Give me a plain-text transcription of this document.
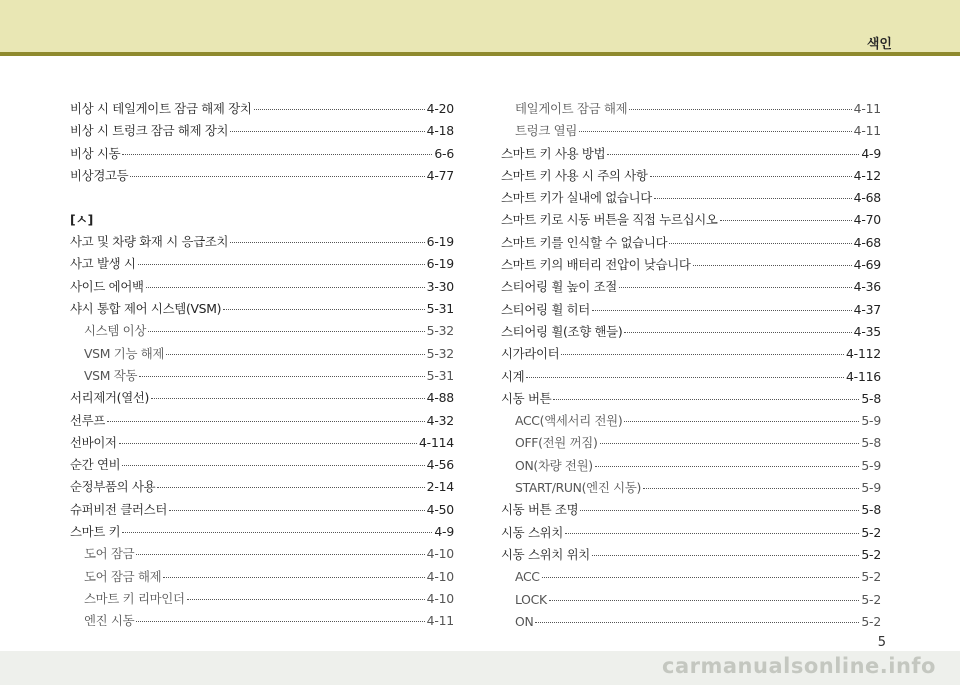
색인
비상 시 테일게이트 잠금 해제 장치	4-20
비상 시 트렁크 잠금 해제 장치	4-18
비상 시동	6-6
비상경고등	4-77
[ㅅ]
사고 및 차량 화재 시 응급조치	6-19
사고 발생 시	6-19
사이드 에어백	3-30
샤시 통합 제어 시스템(VSM)	5-31
시스템 이상	5-32
VSM 기능 해제	5-32
VSM 작동	5-31
서리제거(열선)	4-88
선루프	4-32
선바이저	4-114
순간 연비	4-56
순정부품의 사용	2-14
슈퍼비전 클러스터	4-50
스마트 키	4-9
도어 잠금	4-10
도어 잠금 해제	4-10
스마트 키 리마인더	4-10
엔진 시동	4-11
테일게이트 잠금 해제	4-11
트렁크 열림	4-11
스마트 키 사용 방법	4-9
스마트 키 사용 시 주의 사항	4-12
스마트 키가 실내에 없습니다	4-68
스마트 키로 시동 버튼을 직접 누르십시오	4-70
스마트 키를 인식할 수 없습니다	4-68
스마트 키의 배터리 전압이 낮습니다	4-69
스티어링 휠 높이 조절	4-36
스티어링 휠 히터	4-37
스티어링 휠(조향 핸들)	4-35
시가라이터	4-112
시계	4-116
시동 버튼	5-8
ACC(액세서리 전원)	5-9
OFF(전원 꺼짐)	5-8
ON(차량 전원)	5-9
START/RUN(엔진 시동)	5-9
시동 버튼 조명	5-8
시동 스위치	5-2
시동 스위치 위치	5-2
ACC	5-2
LOCK	5-2
ON	5-2
5
carmanualsonline.info
